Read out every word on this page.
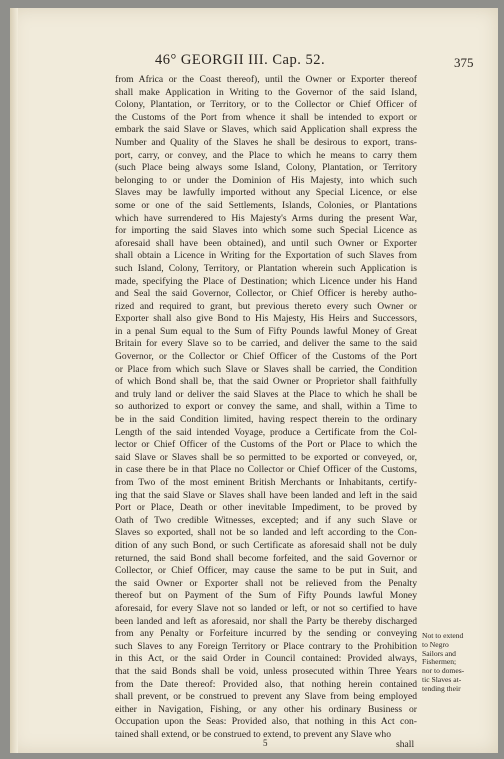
46° GEORGII III. Cap. 52.	375
from Africa or the Coast thereof), until the Owner or Exporter thereof
shall make Application in Writing to the Governor of the said Island,
Colony, Plantation, or Territory, or to the Collector or Chief Officer of
the Customs of the Port from whence it shall be intended to export or
embark the said Slave or Slaves, which said Application shall express the
Number and Quality of the Slaves he shall be desirous to export, trans-
port, carry, or convey, and the Place to which he means to carry them
(such Place being always some Island, Colony, Plantation, or Territory
belonging to or under the Dominion of His Majesty, into which such
Slaves may be lawfully imported without any Special Licence, or else
some or one of the said Settlements, Islands, Colonies, or Plantations
which have surrendered to His Majesty's Arms during the present War,
for importing the said Slaves into which some such Special Licence as
aforesaid shall have been obtained), and until such Owner or Exporter
shall obtain a Licence in Writing for the Exportation of such Slaves from
such Island, Colony, Territory, or Plantation wherein such Application is
made, specifying the Place of Destination; which Licence under his Hand
and Seal the said Governor, Collector, or Chief Officer is hereby autho-
rized and required to grant, but previous thereto every such Owner or
Exporter shall also give Bond to His Majesty, His Heirs and Successors,
in a penal Sum equal to the Sum of Fifty Pounds lawful Money of Great
Britain for every Slave so to be carried, and deliver the same to the said
Governor, or the Collector or Chief Officer of the Customs of the Port
or Place from which such Slave or Slaves shall be carried, the Condition
of which Bond shall be, that the said Owner or Proprietor shall faithfully
and truly land or deliver the said Slaves at the Place to which he shall be
so authorized to export or convey the same, and shall, within a Time to
be in the said Condition limited, having respect therein to the ordinary
Length of the said intended Voyage, produce a Certificate from the Col-
lector or Chief Officer of the Customs of the Port or Place to which the
said Slave or Slaves shall be so permitted to be exported or conveyed, or,
in case there be in that Place no Collector or Chief Officer of the Customs,
from Two of the most eminent British Merchants or Inhabitants, certify-
ing that the said Slave or Slaves shall have been landed and left in the said
Port or Place, Death or other inevitable Impediment, to be proved by
Oath of Two credible Witnesses, excepted; and if any such Slave or
Slaves so exported, shall not be so landed and left according to the Con-
dition of any such Bond, or such Certificate as aforesaid shall not be duly
returned, the said Bond shall become forfeited, and the said Governor or
Collector, or Chief Officer, may cause the same to be put in Suit, and
the said Owner or Exporter shall not be relieved from the Penalty
thereof but on Payment of the Sum of Fifty Pounds lawful Money
aforesaid, for every Slave not so landed or left, or not so certified to have
been landed and left as aforesaid, nor shall the Party be thereby discharged
from any Penalty or Forfeiture incurred by the sending or conveying
such Slaves to any Foreign Territory or Place contrary to the Prohibition
in this Act, or the said Order in Council contained: Provided always,
that the said Bonds shall be void, unless prosecuted within Three Years
from the Date thereof: Provided also, that nothing herein contained
shall prevent, or be construed to prevent any Slave from being employed
either in Navigation, Fishing, or any other his ordinary Business or
Occupation upon the Seas: Provided also, that nothing in this Act con-
tained shall extend, or be construed to extend, to prevent any Slave who
Not to extend
to Negro
Sailors and
Fishermen;
nor to domes-
tic Slaves at-
tending their
5	shall
